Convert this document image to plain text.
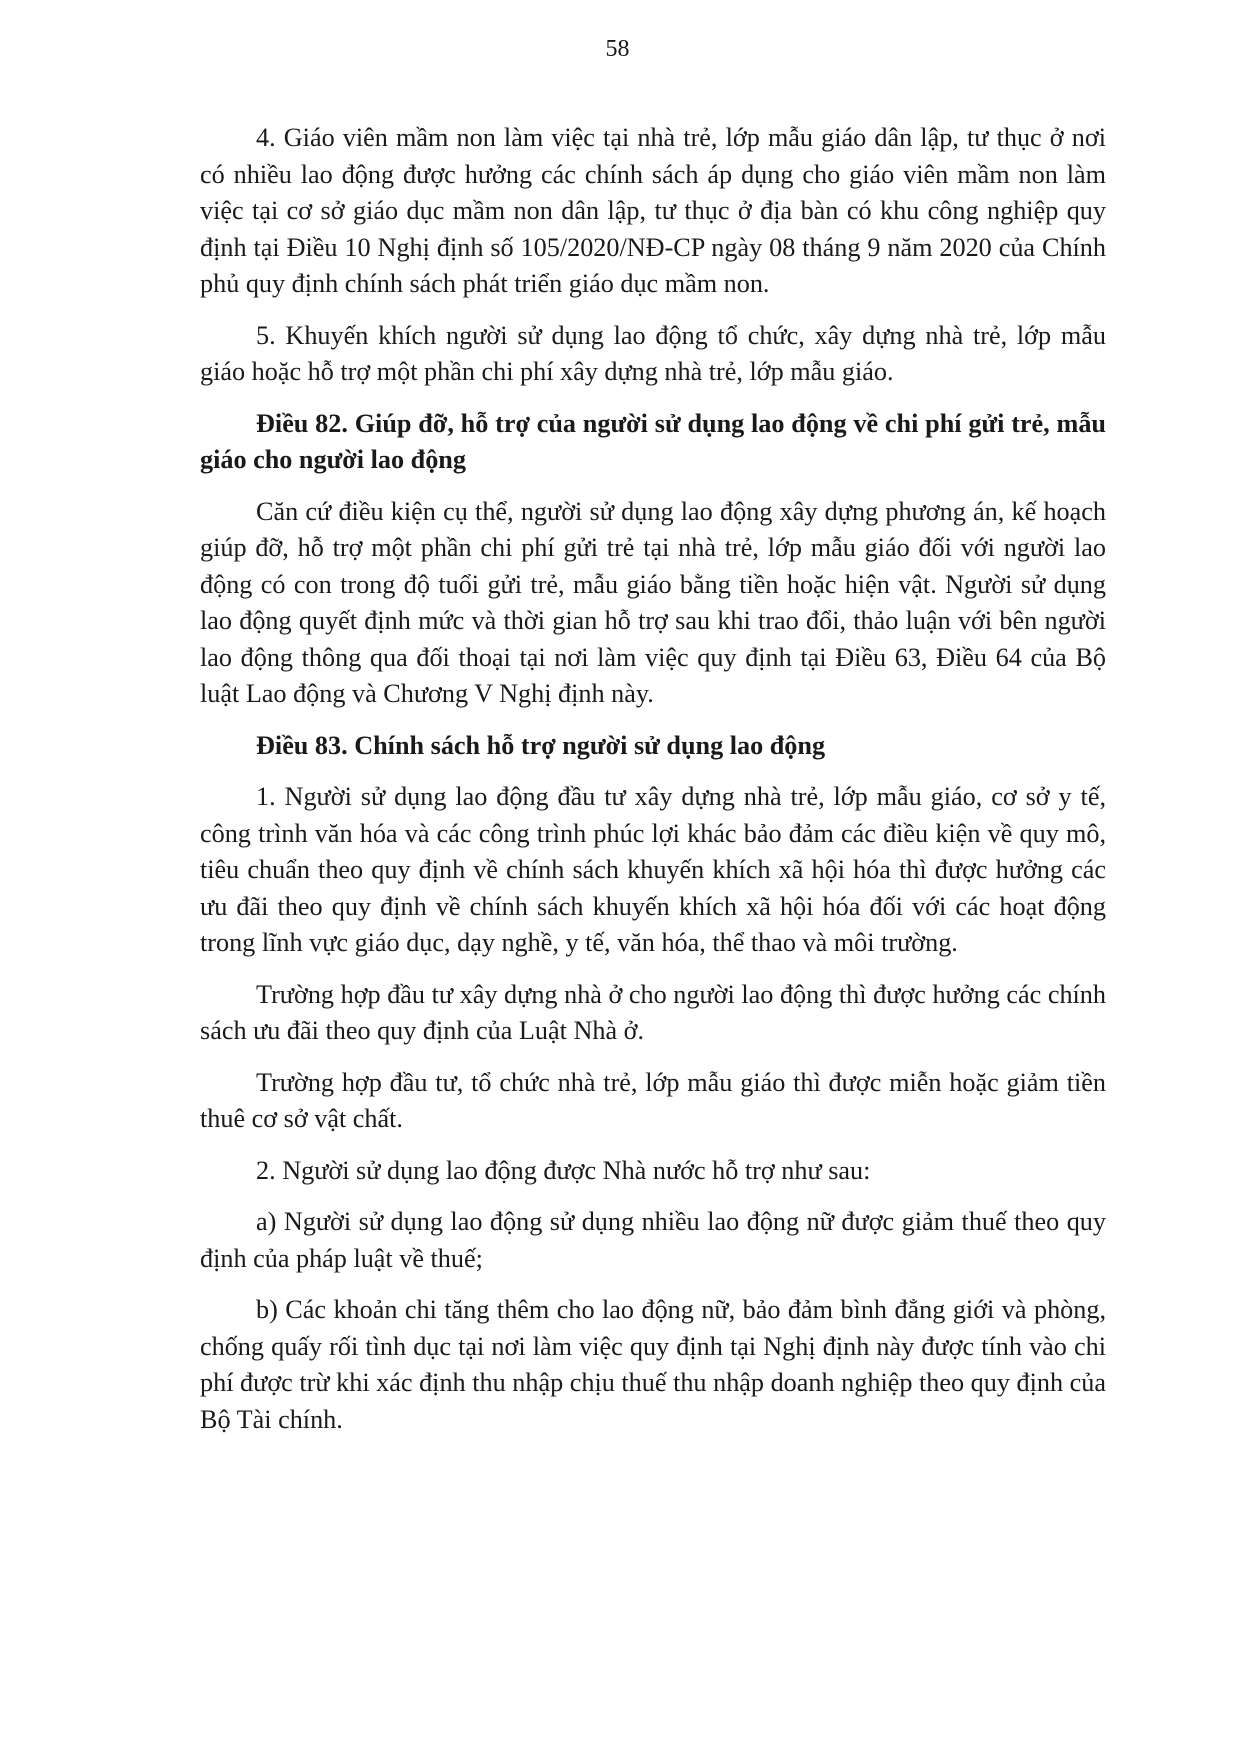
58

4. Giáo viên mầm non làm việc tại nhà trẻ, lớp mẫu giáo dân lập, tư thục ở nơi có nhiều lao động được hưởng các chính sách áp dụng cho giáo viên mầm non làm việc tại cơ sở giáo dục mầm non dân lập, tư thục ở địa bàn có khu công nghiệp quy định tại Điều 10 Nghị định số 105/2020/NĐ-CP ngày 08 tháng 9 năm 2020 của Chính phủ quy định chính sách phát triển giáo dục mầm non.

5. Khuyến khích người sử dụng lao động tổ chức, xây dựng nhà trẻ, lớp mẫu giáo hoặc hỗ trợ một phần chi phí xây dựng nhà trẻ, lớp mẫu giáo.

Điều 82. Giúp đỡ, hỗ trợ của người sử dụng lao động về chi phí gửi trẻ, mẫu giáo cho người lao động

Căn cứ điều kiện cụ thể, người sử dụng lao động xây dựng phương án, kế hoạch giúp đỡ, hỗ trợ một phần chi phí gửi trẻ tại nhà trẻ, lớp mẫu giáo đối với người lao động có con trong độ tuổi gửi trẻ, mẫu giáo bằng tiền hoặc hiện vật. Người sử dụng lao động quyết định mức và thời gian hỗ trợ sau khi trao đổi, thảo luận với bên người lao động thông qua đối thoại tại nơi làm việc quy định tại Điều 63, Điều 64 của Bộ luật Lao động và Chương V Nghị định này.

Điều 83. Chính sách hỗ trợ người sử dụng lao động

1. Người sử dụng lao động đầu tư xây dựng nhà trẻ, lớp mẫu giáo, cơ sở y tế, công trình văn hóa và các công trình phúc lợi khác bảo đảm các điều kiện về quy mô, tiêu chuẩn theo quy định về chính sách khuyến khích xã hội hóa thì được hưởng các ưu đãi theo quy định về chính sách khuyến khích xã hội hóa đối với các hoạt động trong lĩnh vực giáo dục, dạy nghề, y tế, văn hóa, thể thao và môi trường.

Trường hợp đầu tư xây dựng nhà ở cho người lao động thì được hưởng các chính sách ưu đãi theo quy định của Luật Nhà ở.

Trường hợp đầu tư, tổ chức nhà trẻ, lớp mẫu giáo thì được miễn hoặc giảm tiền thuê cơ sở vật chất.

2. Người sử dụng lao động được Nhà nước hỗ trợ như sau:

a) Người sử dụng lao động sử dụng nhiều lao động nữ được giảm thuế theo quy định của pháp luật về thuế;

b) Các khoản chi tăng thêm cho lao động nữ, bảo đảm bình đẳng giới và phòng, chống quấy rối tình dục tại nơi làm việc quy định tại Nghị định này được tính vào chi phí được trừ khi xác định thu nhập chịu thuế thu nhập doanh nghiệp theo quy định của Bộ Tài chính.
